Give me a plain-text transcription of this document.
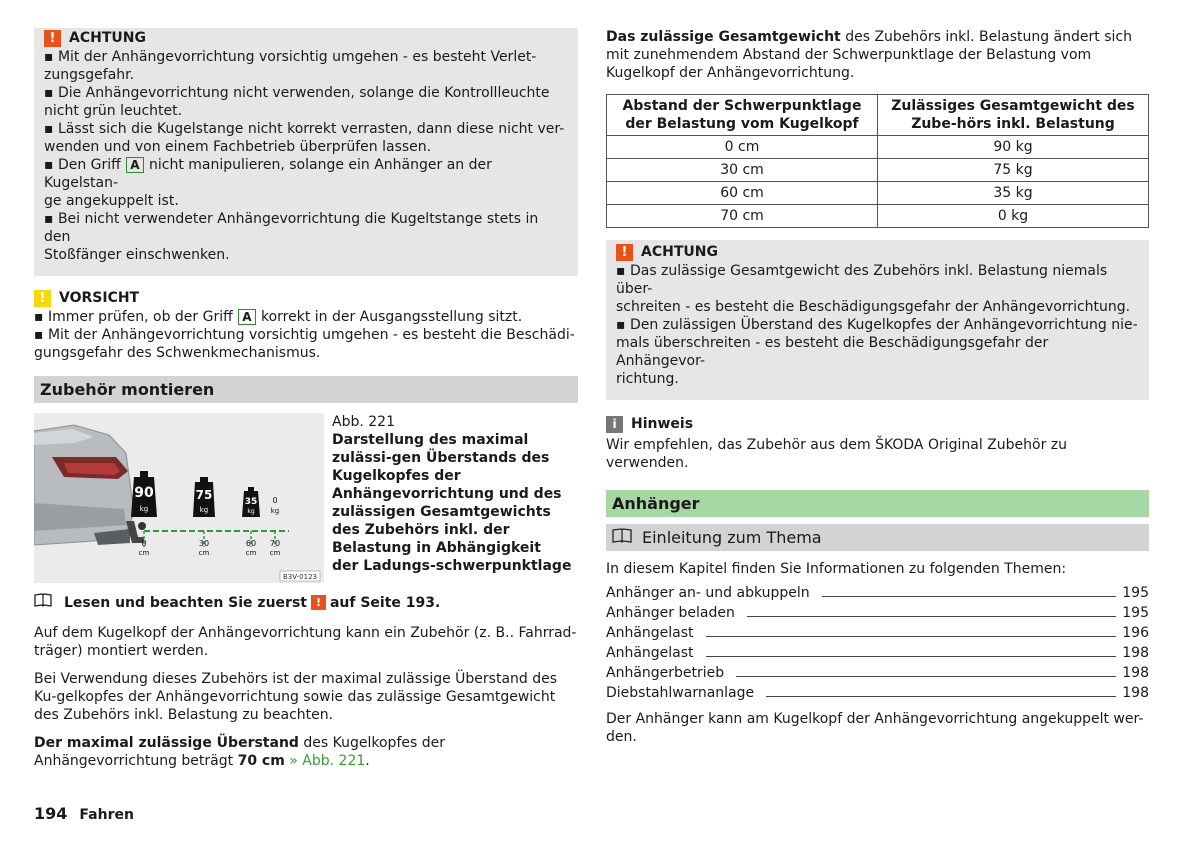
! ACHTUNG

▪ Mit der Anhängevorrichtung vorsichtig umgehen - es besteht Verlet-
zungsgefahr.

▪ Die Anhängevorrichtung nicht verwenden, solange die Kontrollleuchte
nicht grün leuchtet.

▪ Lässt sich die Kugelstange nicht korrekt verrasten, dann diese nicht ver-
wenden und von einem Fachbetrieb überprüfen lassen.

▪ Den Griff A nicht manipulieren, solange ein Anhänger an der Kugelstan-
ge angekuppelt ist.

▪ Bei nicht verwendeter Anhängevorrichtung die Kugeltstange stets in den
Stoßfänger einschwenken.

! VORSICHT

▪ Immer prüfen, ob der Griff A korrekt in der Ausgangsstellung sitzt.

▪ Mit der Anhängevorrichtung vorsichtig umgehen - es besteht die Beschädi-
gungsgefahr des Schwenkmechanismus.

Zubehör montieren
90
kg
75
kg
35
kg
0
kg
0
cm
30
cm
60
cm
70
cm
B3V-0123
Abb. 221
Darstellung des maximal zulässi-gen Überstands des Kugelkopfes der Anhängevorrichtung und des zulässigen Gesamtgewichts des Zubehörs inkl. der Belastung in Abhängigkeit der Ladungs-schwerpunktlage
Lesen und beachten Sie zuerst ! auf Seite 193.

Auf dem Kugelkopf der Anhängevorrichtung kann ein Zubehör (z. B.. Fahrrad-träger) montiert werden.

Bei Verwendung dieses Zubehörs ist der maximal zulässige Überstand des Ku-gelkopfes der Anhängevorrichtung sowie das zulässige Gesamtgewicht des Zubehörs inkl. Belastung zu beachten.

Der maximal zulässige Überstand des Kugelkopfes der Anhängevorrichtung beträgt 70 cm » Abb. 221.

Das zulässige Gesamtgewicht des Zubehörs inkl. Belastung ändert sich mit zunehmendem Abstand der Schwerpunktlage der Belastung vom Kugelkopf der Anhängevorrichtung.

Abstand der Schwerpunktlage der Belastung vom Kugelkopf	Zulässiges Gesamtgewicht des Zube-hörs inkl. Belastung
0 cm	90 kg
30 cm	75 kg
60 cm	35 kg
70 cm	0 kg
! ACHTUNG

▪ Das zulässige Gesamtgewicht des Zubehörs inkl. Belastung niemals über-
schreiten - es besteht die Beschädigungsgefahr der Anhängevorrichtung.

▪ Den zulässigen Überstand des Kugelkopfes der Anhängevorrichtung nie-
mals überschreiten - es besteht die Beschädigungsgefahr der Anhängevor-
richtung.

i	Hinweis

Wir empfehlen, das Zubehör aus dem ŠKODA Original Zubehör zu verwenden.

Anhänger
Einleitung zum Thema

In diesem Kapitel finden Sie Informationen zu folgenden Themen:

Anhänger an- und abkuppeln	195
Anhänger beladen	195
Anhängelast	196
Anhängelast	198
Anhängerbetrieb	198
Diebstahlwarnanlage	198

Der Anhänger kann am Kugelkopf der Anhängevorrichtung angekuppelt wer-den.

194 Fahren
